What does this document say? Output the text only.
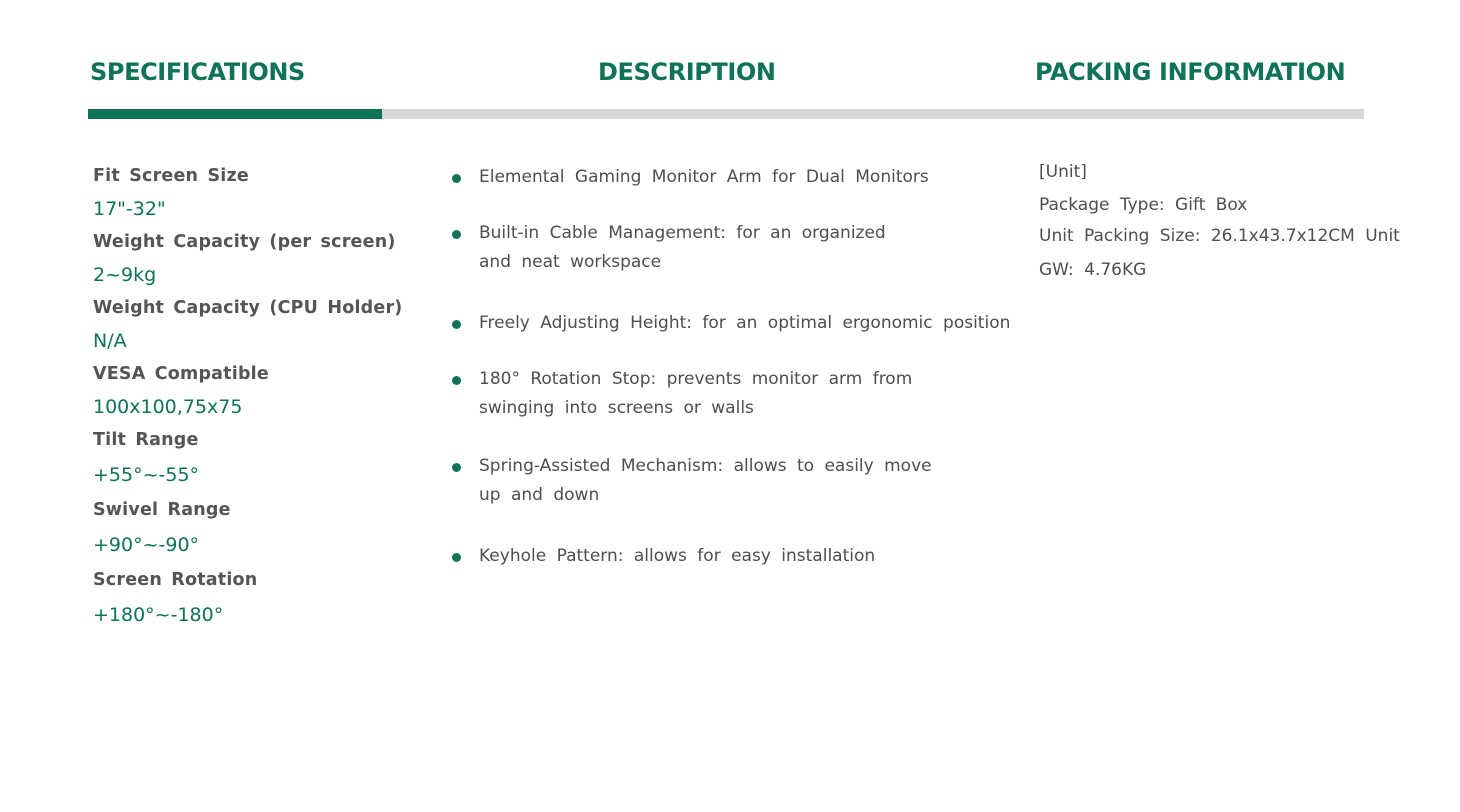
SPECIFICATIONS	DESCRIPTION	PACKING INFORMATION
Fit Screen Size
17"-32"
Weight Capacity (per screen)
2~9kg
Weight Capacity (CPU Holder)
N/A
VESA Compatible
100x100,75x75
Tilt Range
+55°~-55°
Swivel Range
+90°~-90°
Screen Rotation
+180°~-180°
Elemental Gaming Monitor Arm for Dual Monitors
Built-in Cable Management: for an organized and neat workspace
Freely Adjusting Height: for an optimal ergonomic position
180° Rotation Stop: prevents monitor arm from swinging into screens or walls
Spring-Assisted Mechanism: allows to easily move up and down
Keyhole Pattern: allows for easy installation
[Unit]
Package Type: Gift Box
Unit Packing Size: 26.1x43.7x12CM Unit
GW: 4.76KG
